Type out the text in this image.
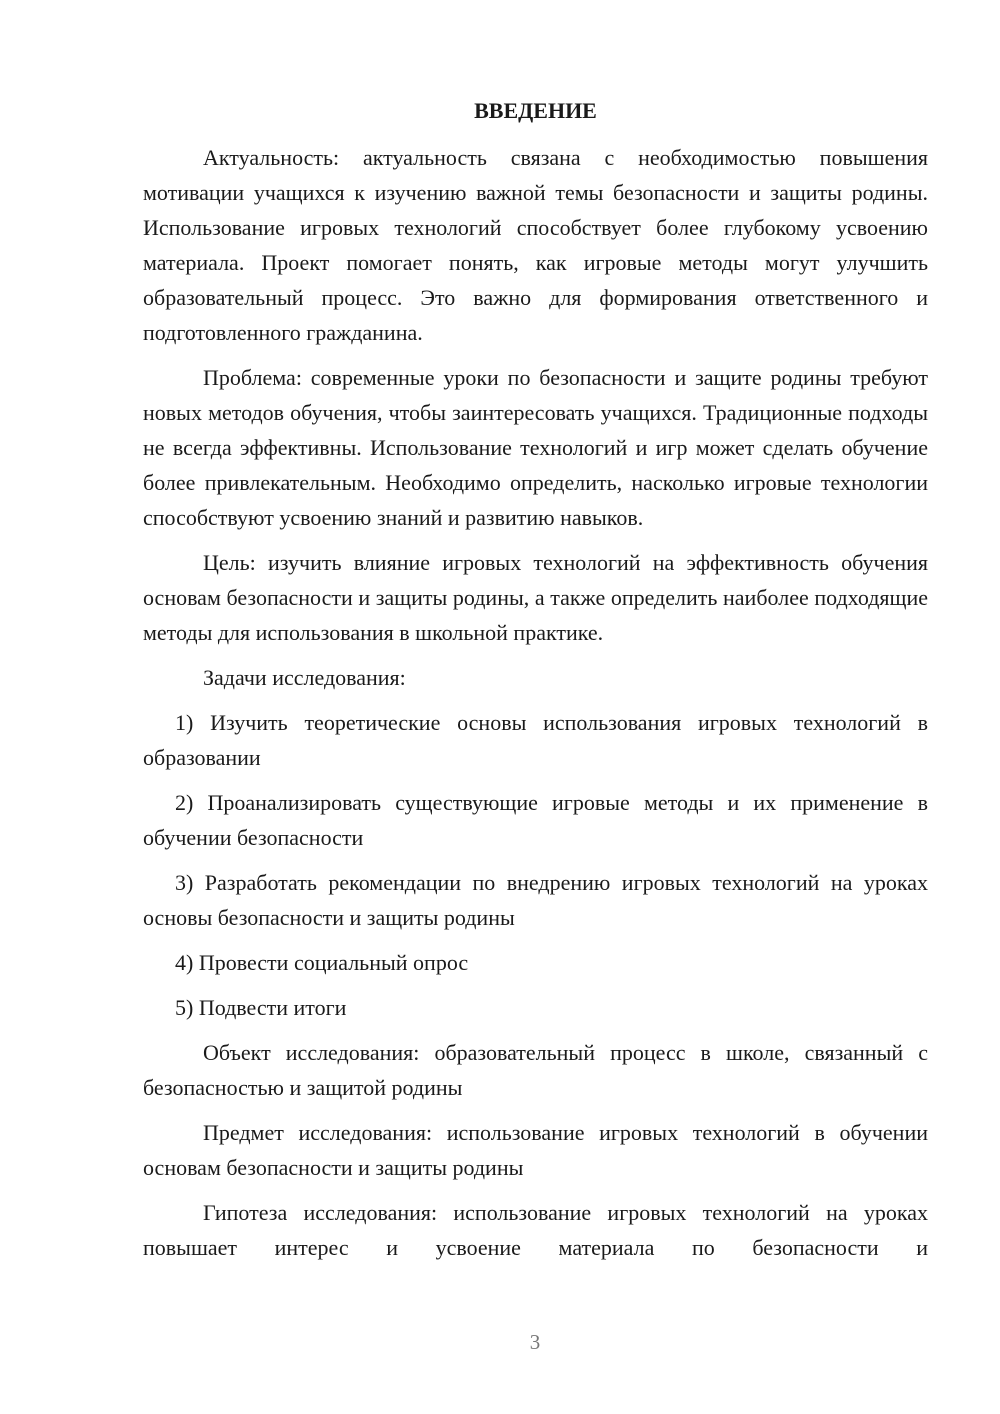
ВВЕДЕНИЕ

Актуальность: актуальность связана с необходимостью повышения мотивации учащихся к изучению важной темы безопасности и защиты родины. Использование игровых технологий способствует более глубокому усвоению материала. Проект помогает понять, как игровые методы могут улучшить образовательный процесс. Это важно для формирования ответственного и подготовленного гражданина.

Проблема: современные уроки по безопасности и защите родины требуют новых методов обучения, чтобы заинтересовать учащихся. Традиционные подходы не всегда эффективны. Использование технологий и игр может сделать обучение более привлекательным. Необходимо определить, насколько игровые технологии способствуют усвоению знаний и развитию навыков.

Цель: изучить влияние игровых технологий на эффективность обучения основам безопасности и защиты родины, а также определить наиболее подходящие методы для использования в школьной практике.

Задачи исследования:

1) Изучить теоретические основы использования игровых технологий в образовании

2) Проанализировать существующие игровые методы и их применение в обучении безопасности

3) Разработать рекомендации по внедрению игровых технологий на уроках основы безопасности и защиты родины

4) Провести социальный опрос

5) Подвести итоги

Объект исследования: образовательный процесс в школе, связанный с безопасностью и защитой родины

Предмет исследования: использование игровых технологий в обучении основам безопасности и защиты родины

Гипотеза исследования: использование игровых технологий на уроках повышает интерес и усвоение материала по безопасности и

3
